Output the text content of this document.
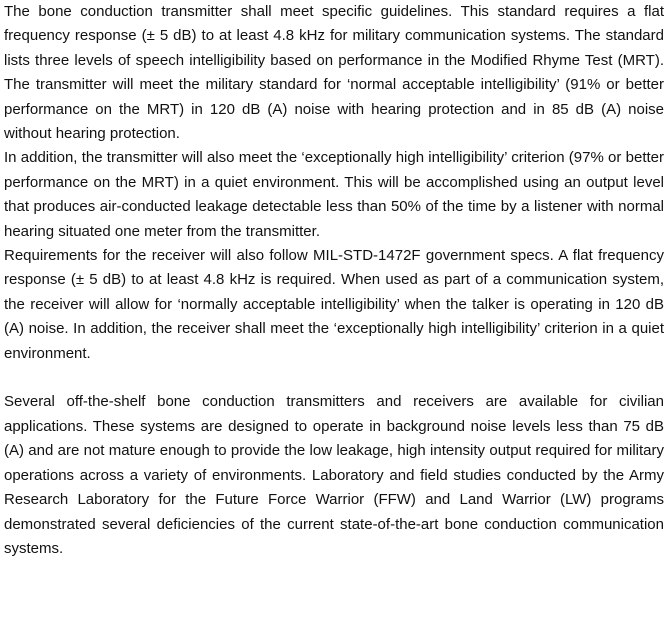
The bone conduction transmitter shall meet specific guidelines. This standard requires a flat frequency response (± 5 dB) to at least 4.8 kHz for military communication systems. The standard lists three levels of speech intelligibility based on performance in the Modified Rhyme Test (MRT). The transmitter will meet the military standard for ‘normal acceptable intelligibility’ (91% or better performance on the MRT) in 120 dB (A) noise with hearing protection and in 85 dB (A) noise without hearing protection.

In addition, the transmitter will also meet the ‘exceptionally high intelligibility’ criterion (97% or better performance on the MRT) in a quiet environment. This will be accomplished using an output level that produces air-conducted leakage detectable less than 50% of the time by a listener with normal hearing situated one meter from the transmitter.

Requirements for the receiver will also follow MIL-STD-1472F government specs. A flat frequency response (± 5 dB) to at least 4.8 kHz is required. When used as part of a communication system, the receiver will allow for ‘normally acceptable intelligibility’ when the talker is operating in 120 dB (A) noise. In addition, the receiver shall meet the ‘exceptionally high intelligibility’ criterion in a quiet environment.

Several off-the-shelf bone conduction transmitters and receivers are available for civilian applications. These systems are designed to operate in background noise levels less than 75 dB (A) and are not mature enough to provide the low leakage, high intensity output required for military operations across a variety of environments. Laboratory and field studies conducted by the Army Research Laboratory for the Future Force Warrior (FFW) and Land Warrior (LW) programs demonstrated several deficiencies of the current state-of-the-art bone conduction communication systems.
